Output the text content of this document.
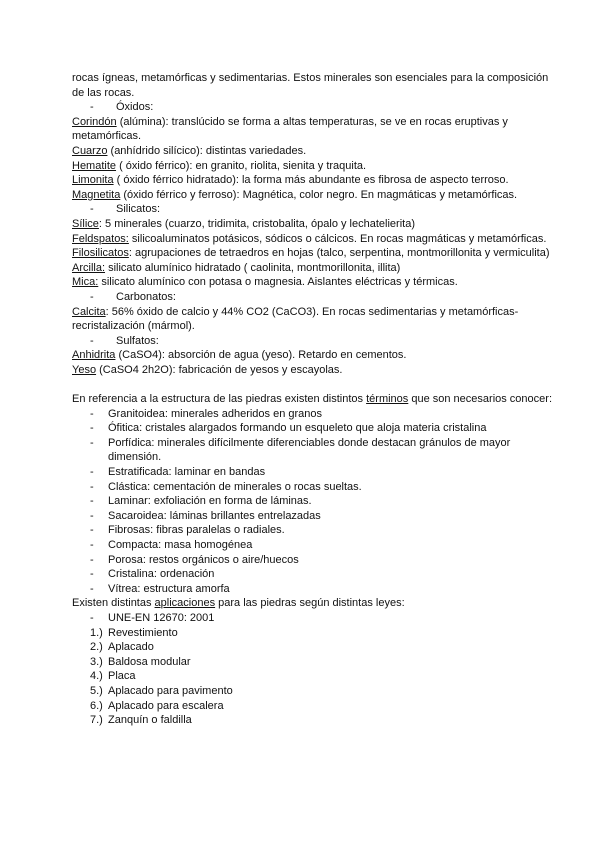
rocas ígneas, metamórficas y sedimentarias. Estos minerales son esenciales para la composición de las rocas.
- Óxidos:
Corindón (alúmina): translúcido se forma a altas temperaturas, se ve en rocas eruptivas y metamórficas.
Cuarzo (anhídrido silícico): distintas variedades.
Hematite ( óxido férrico): en granito, riolita, sienita y traquita.
Limonita ( óxido férrico hidratado): la forma más abundante es fibrosa de aspecto terroso.
Magnetita (óxido férrico y ferroso): Magnética, color negro. En magmáticas y metamórficas.
- Silicatos:
Sílice: 5 minerales (cuarzo, tridimita, cristobalita, ópalo y lechatelierita)
Feldspatos: silicoaluminatos potásicos, sódicos o cálcicos. En rocas magmáticas y metamórficas.
Filosilicatos: agrupaciones de tetraedros en hojas (talco, serpentina, montmorillonita y vermiculita)
Arcilla: silicato alumínico hidratado ( caolinita, montmorillonita, illita)
Mica: silicato alumínico con potasa o magnesia. Aislantes eléctricas y térmicas.
- Carbonatos:
Calcita: 56% óxido de calcio y 44% CO2 (CaCO3). En rocas sedimentarias y metamórficas- recristalización (mármol).
- Sulfatos:
Anhidrita (CaSO4): absorción de agua (yeso). Retardo en cementos.
Yeso (CaSO4 2h2O): fabricación de yesos y escayolas.
En referencia a la estructura de las piedras existen distintos términos que son necesarios conocer:
- Granitoidea: minerales adheridos en granos
- Ófitica: cristales alargados formando un esqueleto que aloja materia cristalina
- Porfídica: minerales difícilmente diferenciables donde destacan gránulos de mayor dimensión.
- Estratificada: laminar en bandas
- Clástica: cementación de minerales o rocas sueltas.
- Laminar: exfoliación en forma de láminas.
- Sacaroidea: láminas brillantes entrelazadas
- Fibrosas: fibras paralelas o radiales.
- Compacta: masa homogénea
- Porosa: restos orgánicos o aire/huecos
- Cristalina: ordenación
- Vítrea: estructura amorfa
Existen distintas aplicaciones para las piedras según distintas leyes:
- UNE-EN 12670: 2001
1.) Revestimiento
2.) Aplacado
3.) Baldosa modular
4.) Placa
5.) Aplacado para pavimento
6.) Aplacado para escalera
7.) Zanquín o faldilla
